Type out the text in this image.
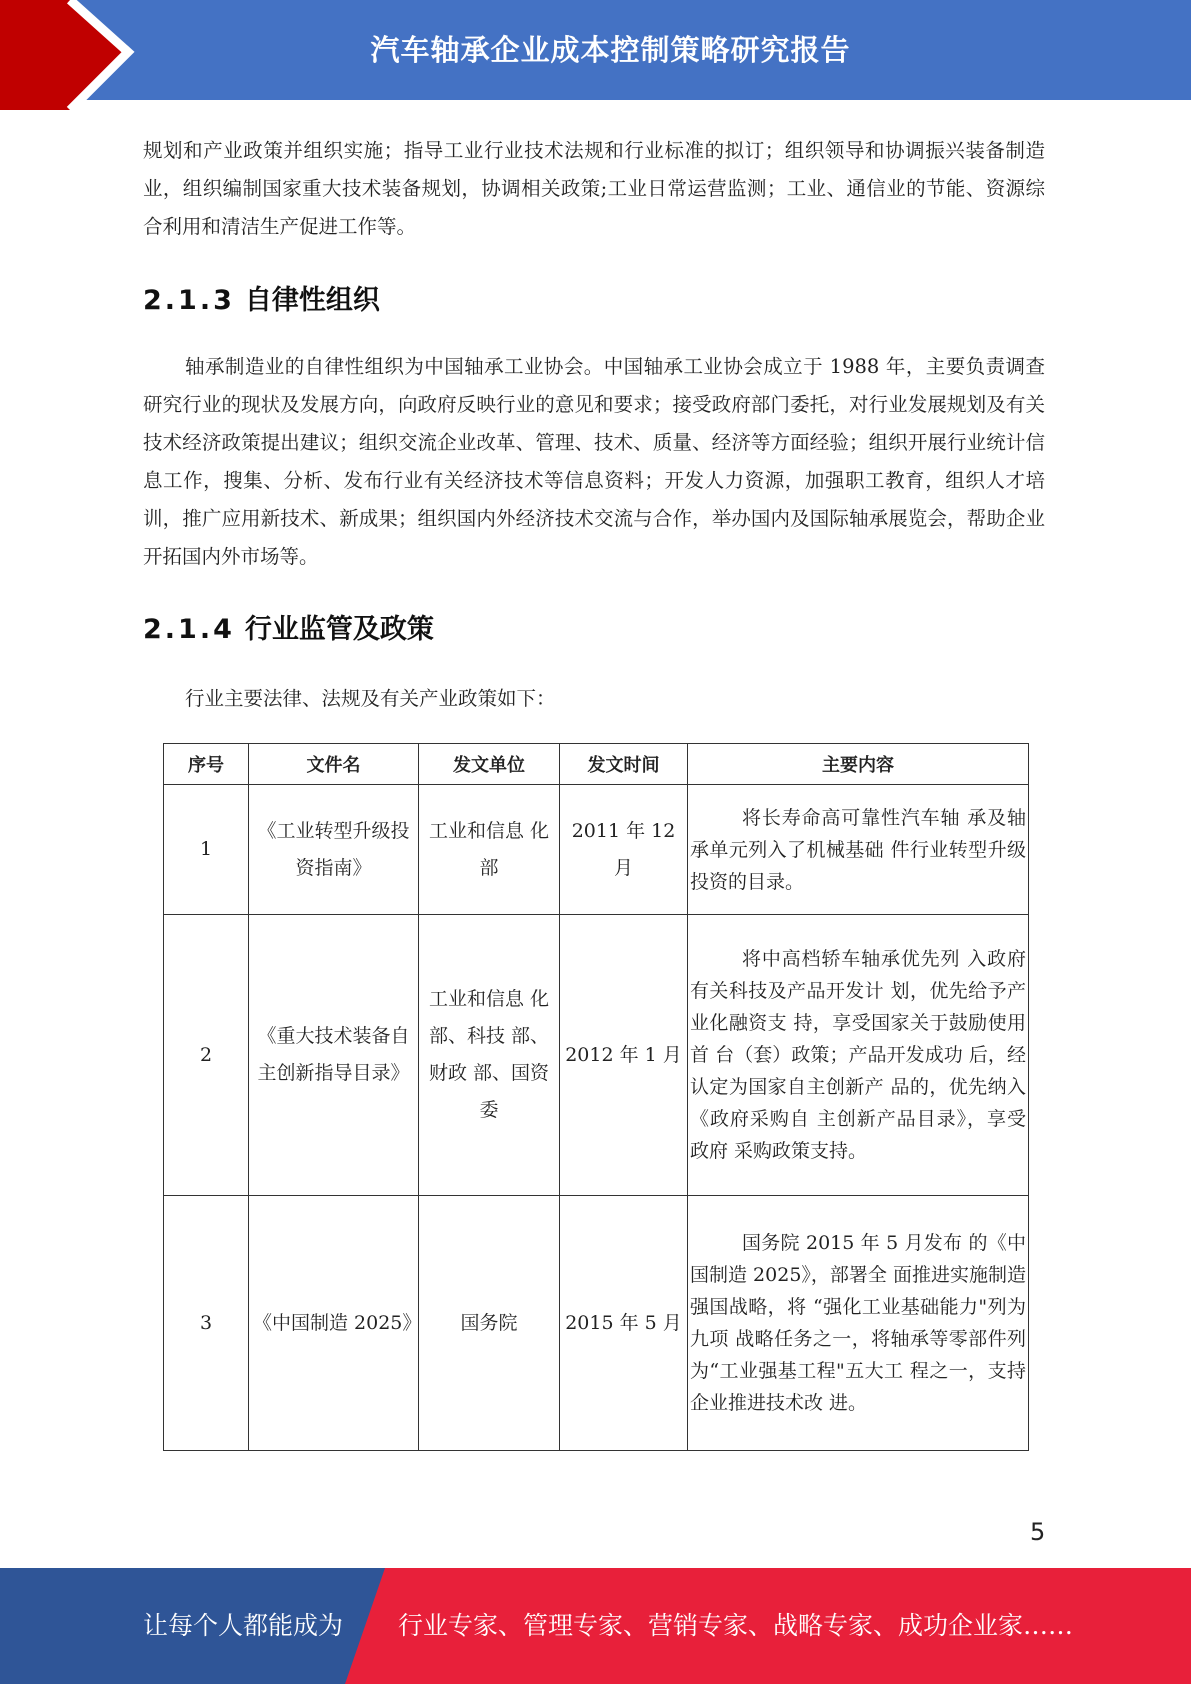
汽车轴承企业成本控制策略研究报告

规划和产业政策并组织实施；指导工业行业技术法规和行业标准的拟订；组织领导和协调振兴装备制造业，组织编制国家重大技术装备规划，协调相关政策;工业日常运营监测；工业、通信业的节能、资源综合利用和清洁生产促进工作等。

2.1.3 自律性组织

轴承制造业的自律性组织为中国轴承工业协会。中国轴承工业协会成立于 1988 年，主要负责调查研究行业的现状及发展方向，向政府反映行业的意见和要求；接受政府部门委托，对行业发展规划及有关技术经济政策提出建议；组织交流企业改革、管理、技术、质量、经济等方面经验；组织开展行业统计信息工作，搜集、分析、发布行业有关经济技术等信息资料；开发人力资源，加强职工教育，组织人才培训，推广应用新技术、新成果；组织国内外经济技术交流与合作，举办国内及国际轴承展览会，帮助企业开拓国内外市场等。

2.1.4 行业监管及政策

行业主要法律、法规及有关产业政策如下：

序号	文件名	发文单位	发文时间	主要内容
1	《工业转型升级投资指南》	工业和信息 化部	2011 年 12 月	将长寿命高可靠性汽车轴 承及轴承单元列入了机械基础 件行业转型升级投资的目录。

2	《重大技术装备自主创新指导目录》	工业和信息 化部、科技 部、财政 部、国资委	2012 年 1 月	将中高档轿车轴承优先列 入政府有关科技及产品开发计 划，优先给予产业化融资支 持，享受国家关于鼓励使用首 台（套）政策；产品开发成功 后，经认定为国家自主创新产 品的，优先纳入《政府采购自 主创新产品目录》，享受政府 采购政策支持。

3	《中国制造 2025》	国务院	2015 年 5 月	国务院 2015 年 5 月发布 的《中国制造 2025》，部署全 面推进实施制造强国战略，将 “强化工业基础能力"列为九项 战略任务之一，将轴承等零部件列为“工业强基工程"五大工 程之一，支持企业推进技术改 进。
5
让每个人都能成为 行业专家、管理专家、营销专家、战略专家、成功企业家……
